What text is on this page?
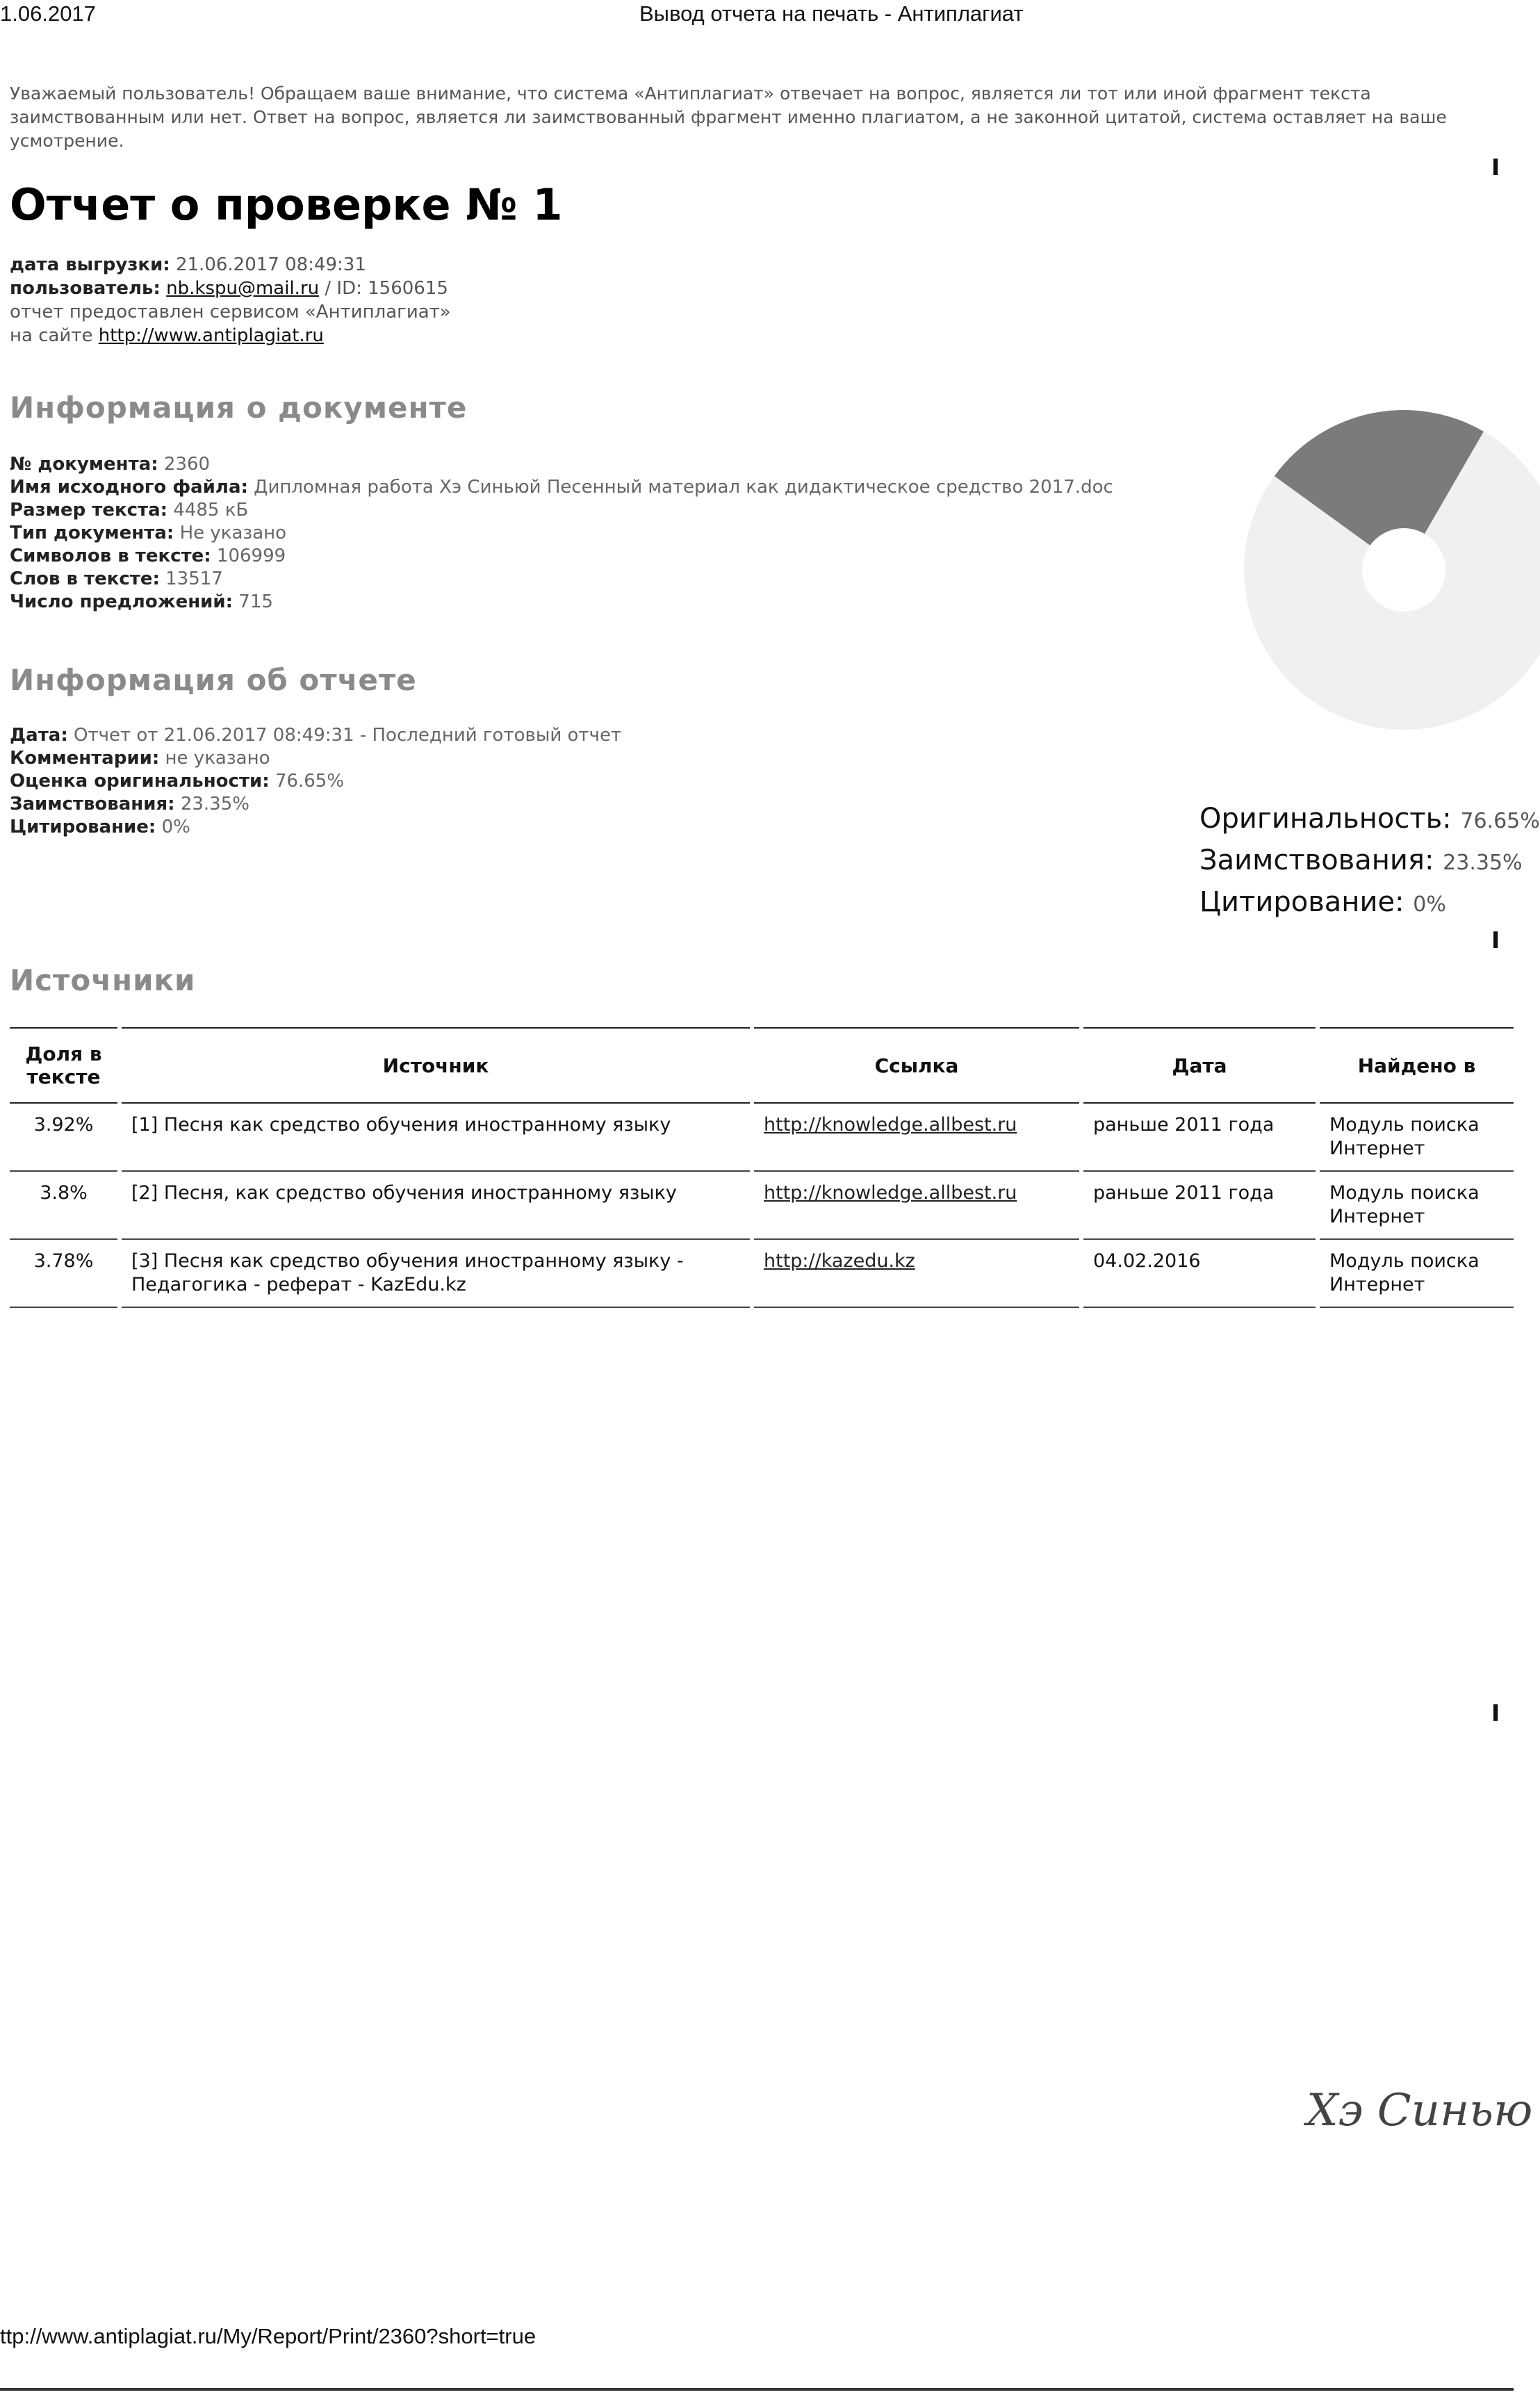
1.06.2017	Вывод отчета на печать - Антиплагиат
Уважаемый пользователь! Обращаем ваше внимание, что система «Антиплагиат» отвечает на вопрос, является ли тот или иной фрагмент текста заимствованным или нет. Ответ на вопрос, является ли заимствованный фрагмент именно плагиатом, а не законной цитатой, система оставляет на ваше усмотрение.
Отчет о проверке № 1
дата выгрузки: 21.06.2017 08:49:31
пользователь: nb.kspu@mail.ru / ID: 1560615
отчет предоставлен сервисом «Антиплагиат»
на сайте http://www.antiplagiat.ru
Информация о документе
№ документа: 2360
Имя исходного файла: Дипломная работа Хэ Синьюй Песенный материал как дидактическое средство 2017.doc
Размер текста: 4485 кБ
Тип документа: Не указано
Символов в тексте: 106999
Слов в тексте: 13517
Число предложений: 715
Информация об отчете
Дата: Отчет от 21.06.2017 08:49:31 - Последний готовый отчет
Комментарии: не указано
Оценка оригинальности: 76.65%
Заимствования: 23.35%
Цитирование: 0%	Оригинальность: 76.65%
Заимствования: 23.35%
Цитирование: 0%
Источники
Доля в тексте	Источник	Ссылка	Дата	Найдено в
3.92%	[1] Песня как средство обучения иностранному языку	http://knowledge.allbest.ru	раньше 2011 года	Модуль поиска Интернет
3.8%	[2] Песня, как средство обучения иностранному языку	http://knowledge.allbest.ru	раньше 2011 года	Модуль поиска Интернет
3.78%	[3] Песня как средство обучения иностранному языку - Педагогика - реферат - KazEdu.kz	http://kazedu.kz	04.02.2016	Модуль поиска Интернет
╻
╻
╻
Хэ Синью
ttp://www.antiplagiat.ru/My/Report/Print/2360?short=true
